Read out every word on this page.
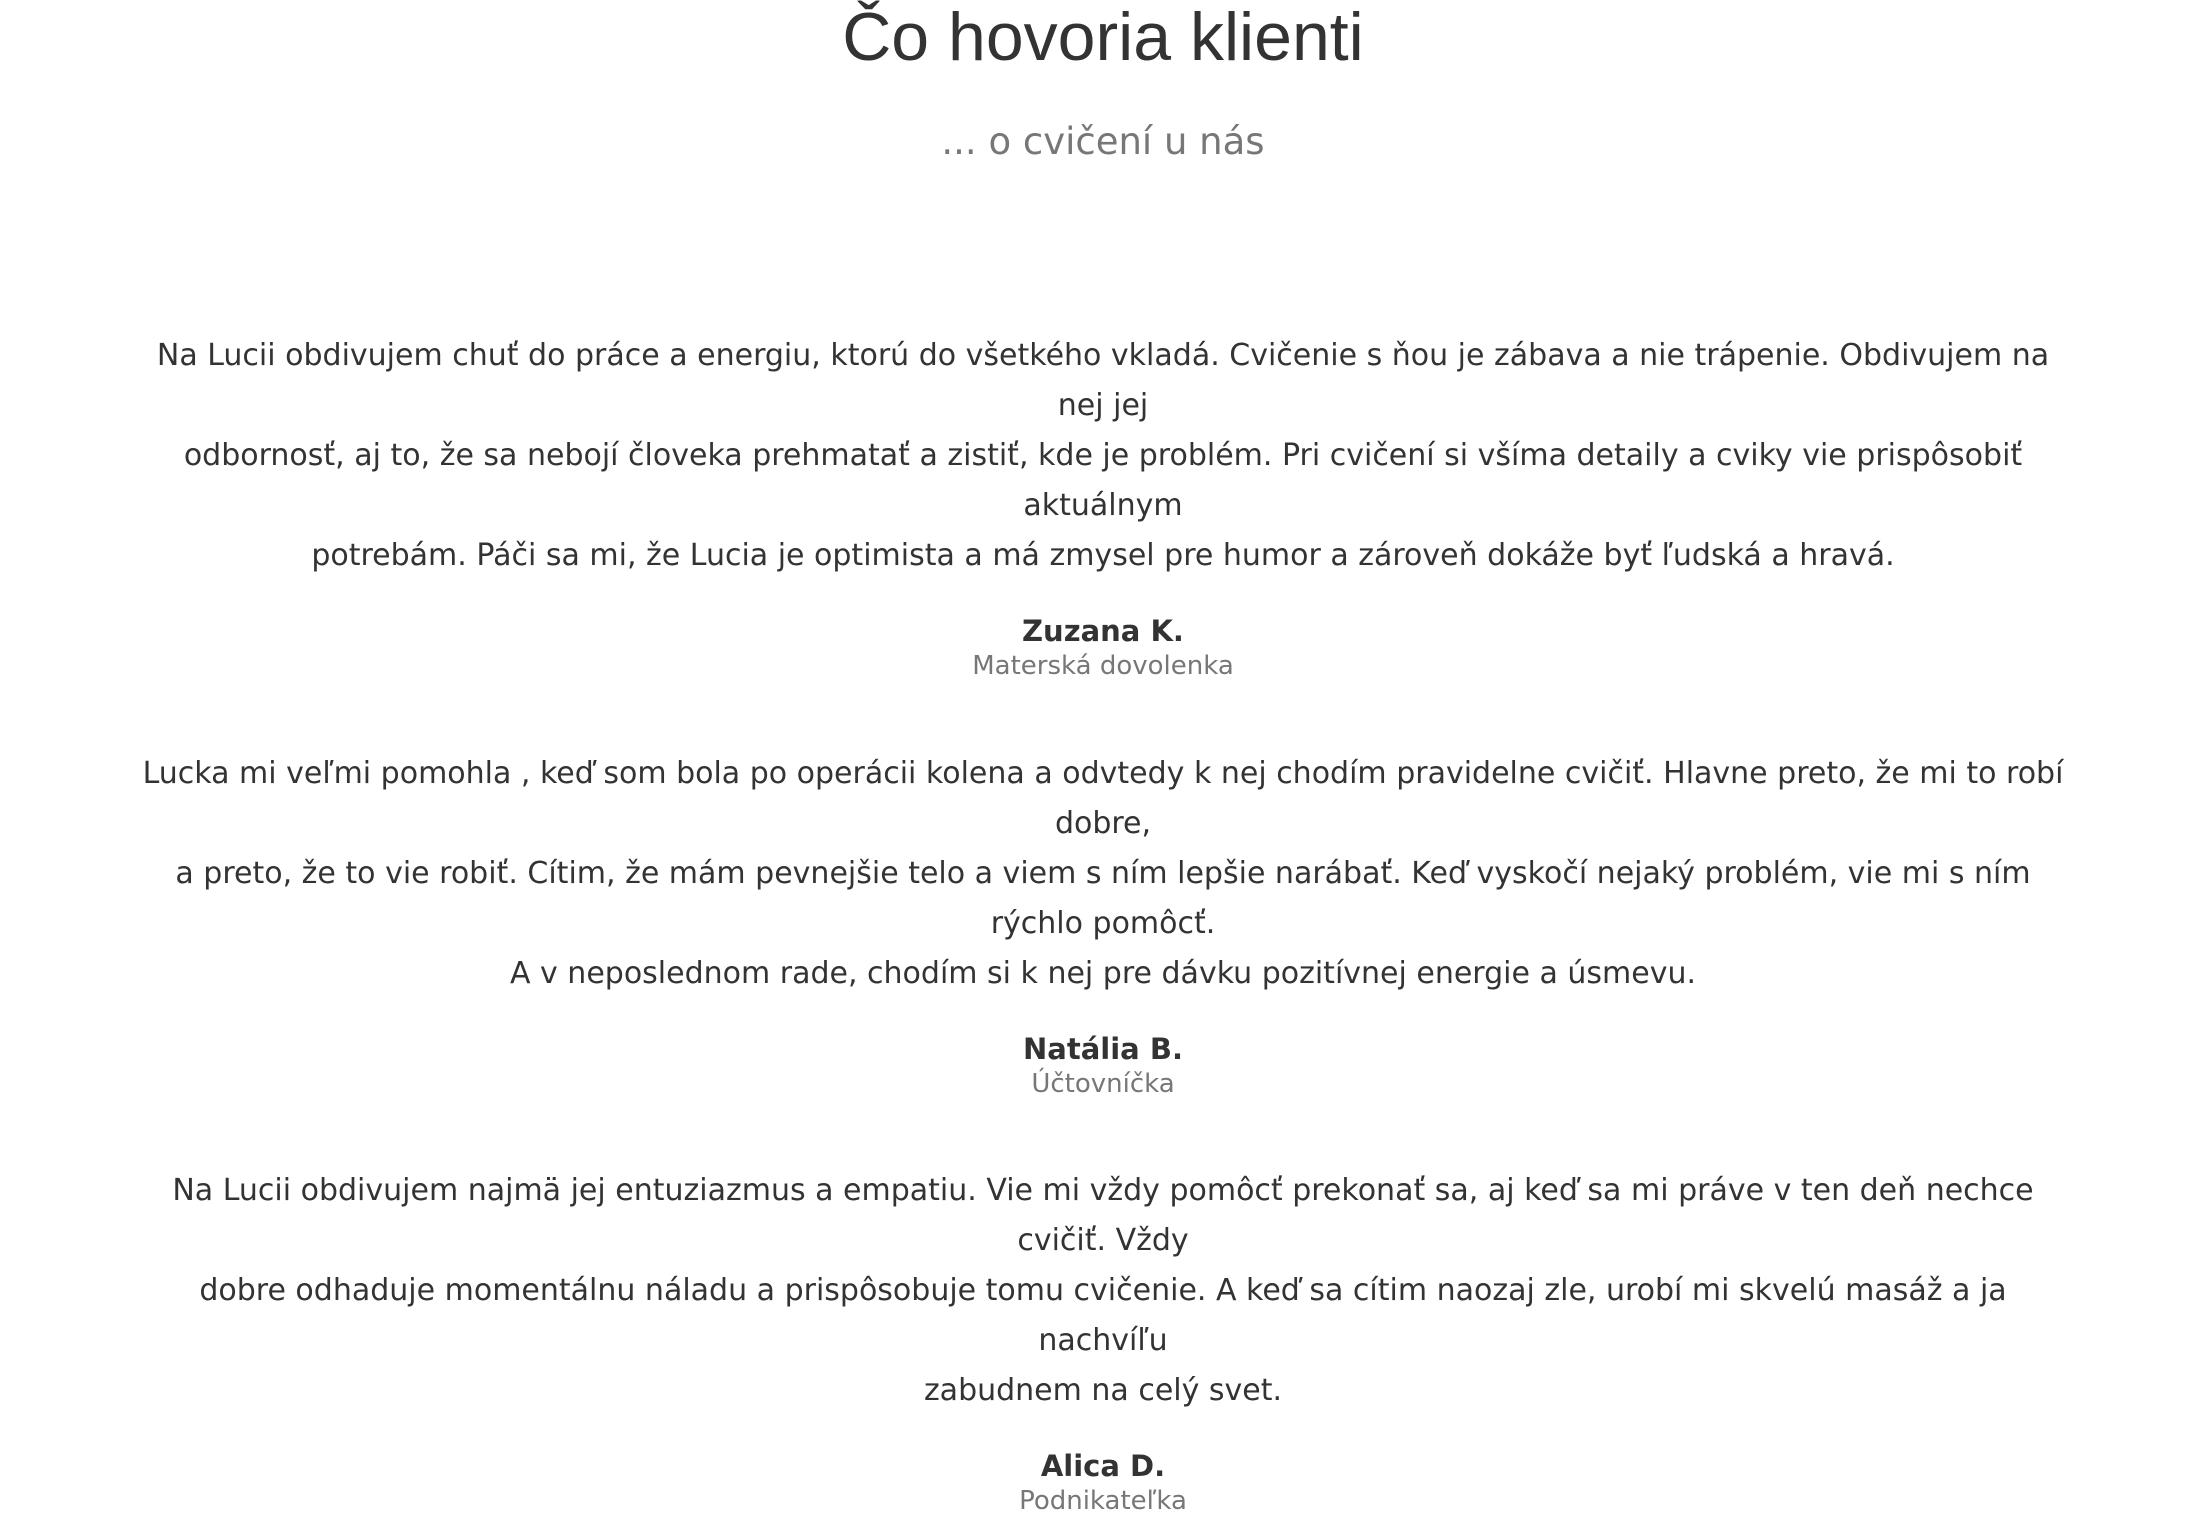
Čo hovoria klienti

... o cvičení u nás

Na Lucii obdivujem chuť do práce a energiu, ktorú do všetkého vkladá. Cvičenie s ňou je zábava a nie trápenie. Obdivujem na nej jej
odbornosť, aj to, že sa nebojí človeka prehmatať a zistiť, kde je problém. Pri cvičení si všíma detaily a cviky vie prispôsobiť aktuálnym
potrebám. Páči sa mi, že Lucia je optimista a má zmysel pre humor a zároveň dokáže byť ľudská a hravá.

Zuzana K.

Materská dovolenka

Lucka mi veľmi pomohla , keď som bola po operácii kolena a odvtedy k nej chodím pravidelne cvičiť. Hlavne preto, že mi to robí dobre,
a preto, že to vie robiť. Cítim, že mám pevnejšie telo a viem s ním lepšie narábať. Keď vyskočí nejaký problém, vie mi s ním rýchlo pomôcť.
A v neposlednom rade, chodím si k nej pre dávku pozitívnej energie a úsmevu.

Natália B.

Účtovníčka

Na Lucii obdivujem najmä jej entuziazmus a empatiu. Vie mi vždy pomôcť prekonať sa, aj keď sa mi práve v ten deň nechce cvičiť. Vždy
dobre odhaduje momentálnu náladu a prispôsobuje tomu cvičenie. A keď sa cítim naozaj zle, urobí mi skvelú masáž a ja nachvíľu
zabudnem na celý svet.

Alica D.

Podnikateľka
